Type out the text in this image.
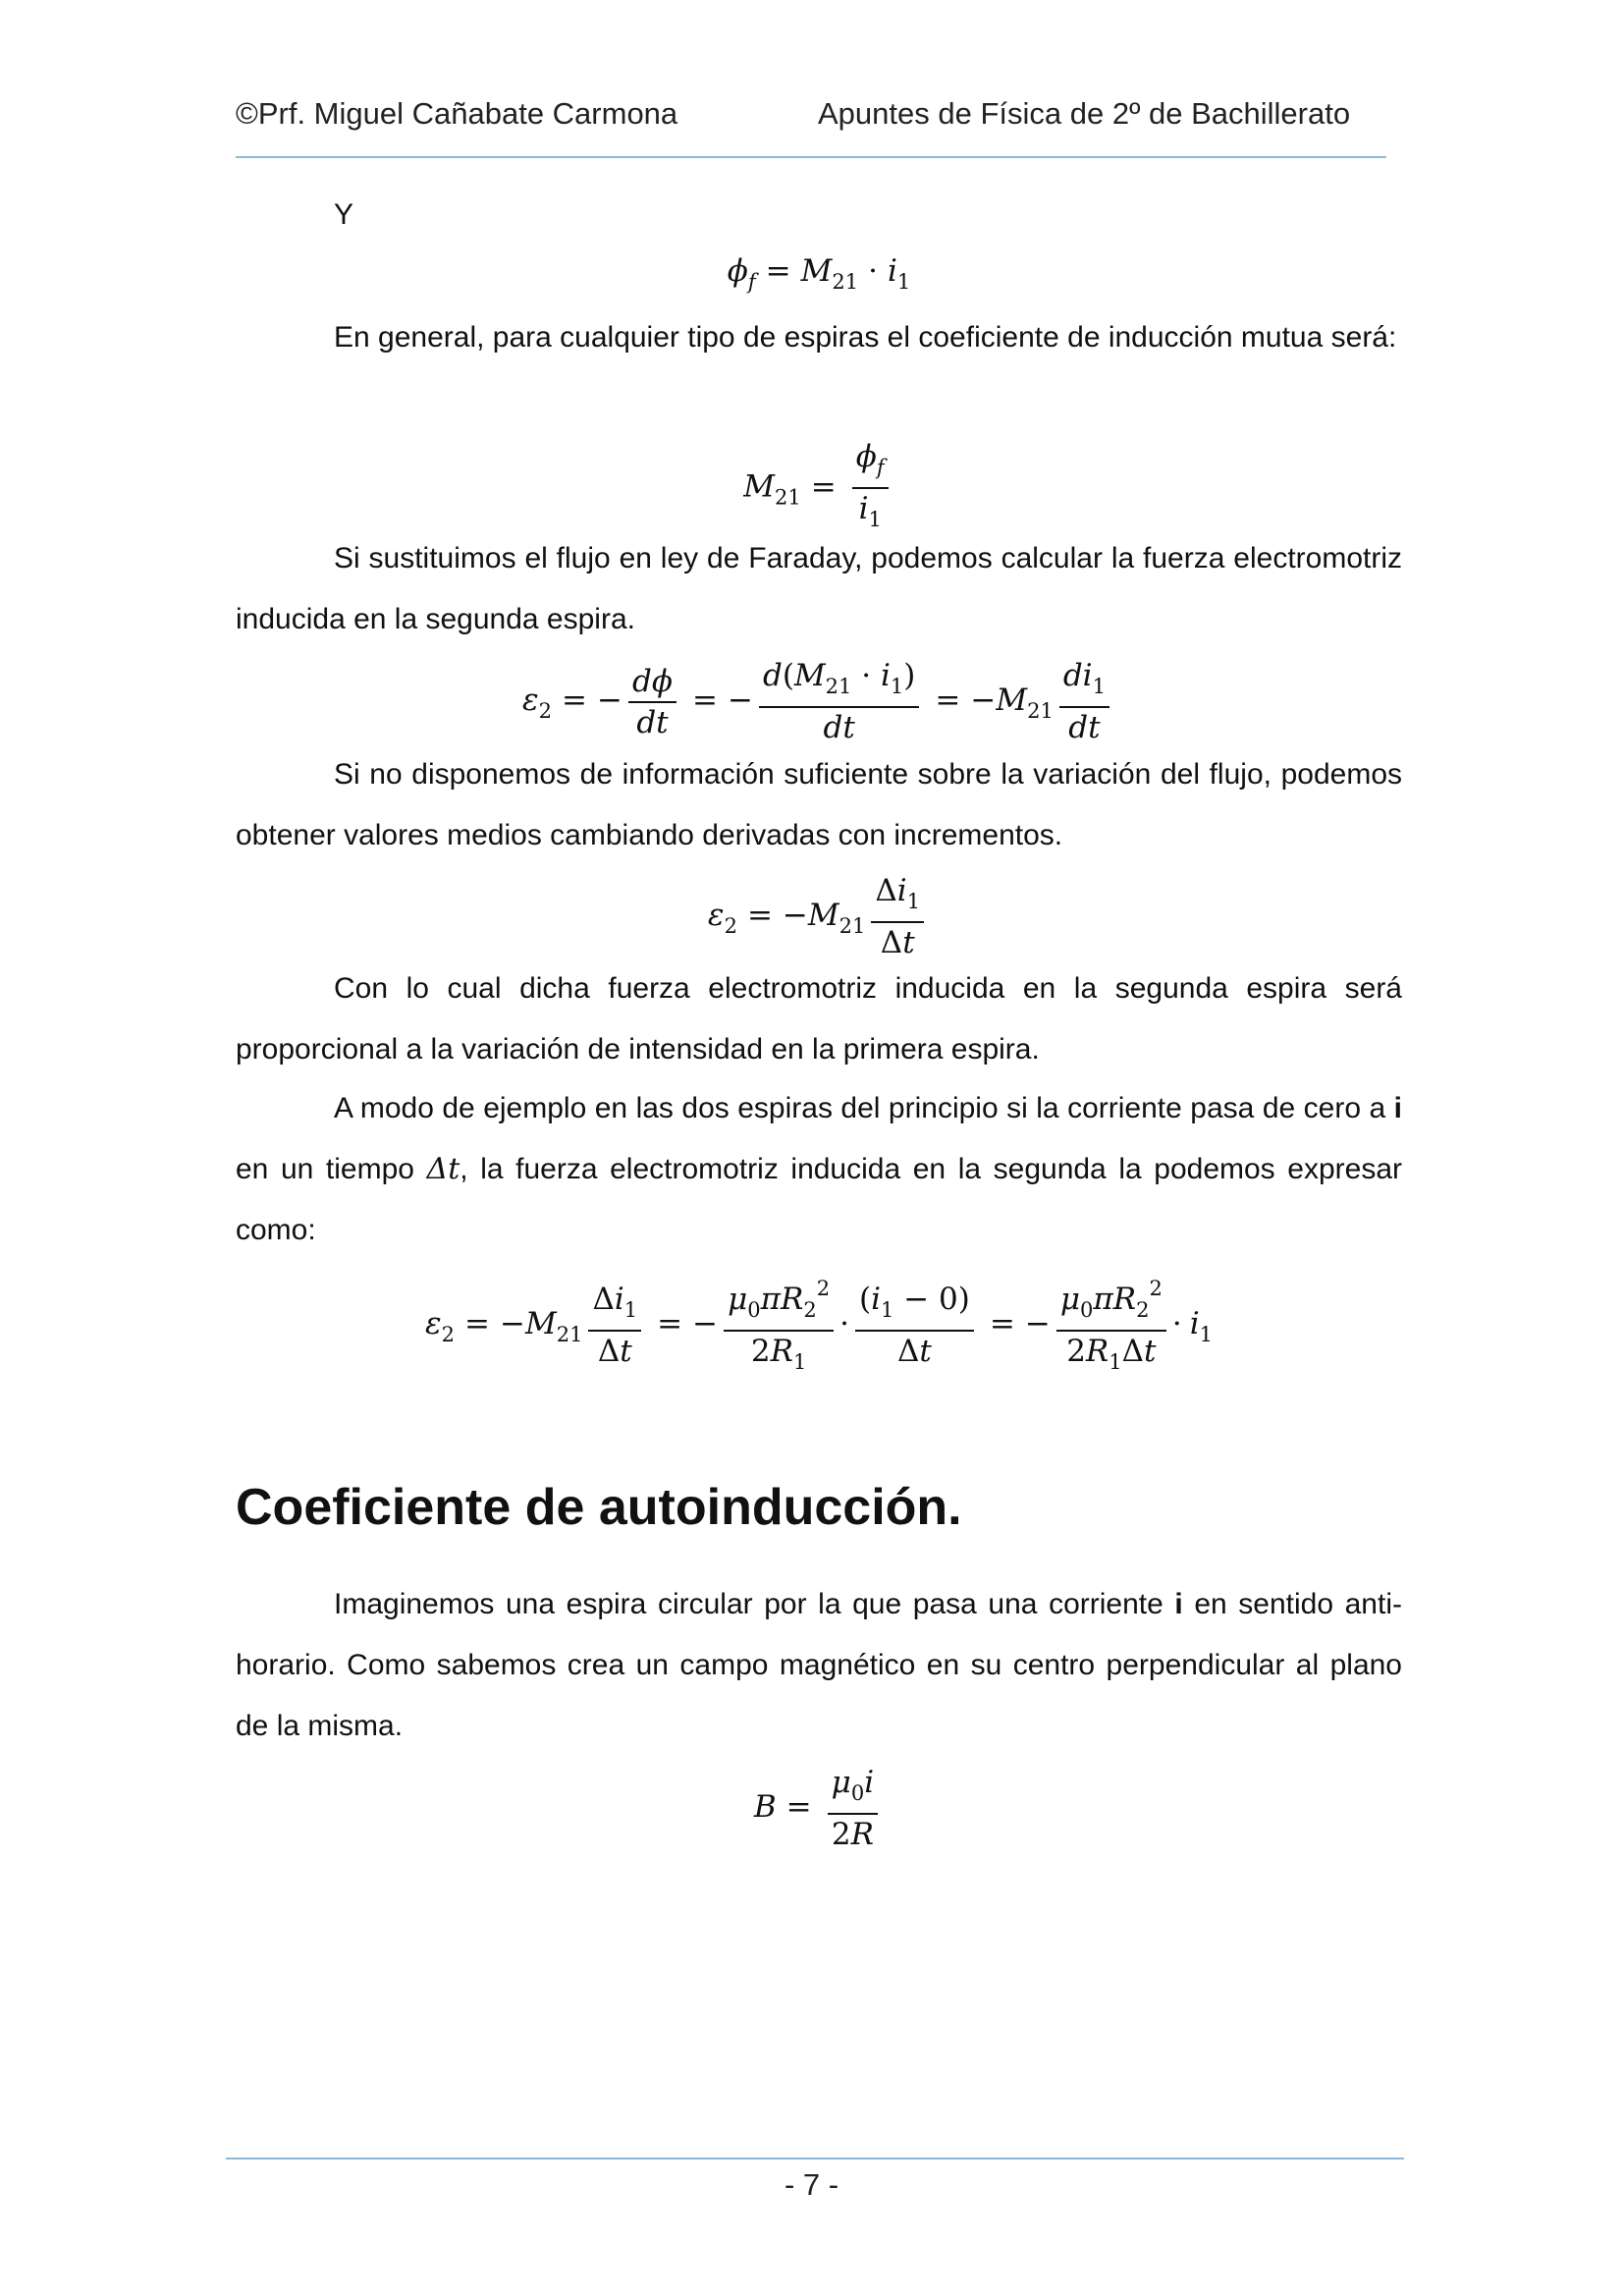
©Prf. Miguel Cañabate Carmona	Apuntes de Física de 2º de Bachillerato
Y
$\phi_f = M_{21} \cdot i_1$
En general, para cualquier tipo de espiras el coeficiente de inducción mutua será:
$M_{21} = \frac{\phi_f}{i_1}$
Si sustituimos el flujo en ley de Faraday, podemos calcular la fuerza electromotriz inducida en la segunda espira.
$\varepsilon_2$ = − $\frac{d\phi}{dt}$ = − $\frac{d(M_{21} \cdot i_1)}{dt} = -M_{21} \frac{di_1}{dt}$
Si no disponemos de información suficiente sobre la variación del flujo, podemos obtener valores medios cambiando derivadas con incrementos.
$\varepsilon_2 = -M_{21} \frac{\Delta i_1}{\Delta t}$
Con lo cual dicha fuerza electromotriz inducida en la segunda espira será proporcional a la variación de intensidad en la primera espira.
A modo de ejemplo en las dos espiras del principio si la corriente pasa de cero a i en un tiempo Δt, la fuerza electromotriz inducida en la segunda la podemos expresar como:
$\varepsilon_2 = -M_{21} \frac{\Delta i_1}{\Delta t}$ = − $\frac{\mu_0\pi R_2^2}{2R_1} \cdot \frac{(i_1 - 0)}{\Delta t}$ = − $\frac{\mu_0\pi R_2^2}{2R_1\Delta t} \cdot i_1$
Coeficiente de autoinducción.
Imaginemos una espira circular por la que pasa una corriente i en sentido anti-horario. Como sabemos crea un campo magnético en su centro perpendicular al plano de la misma.
$B = \frac{\mu_0i}{2R}$
- 7 -
